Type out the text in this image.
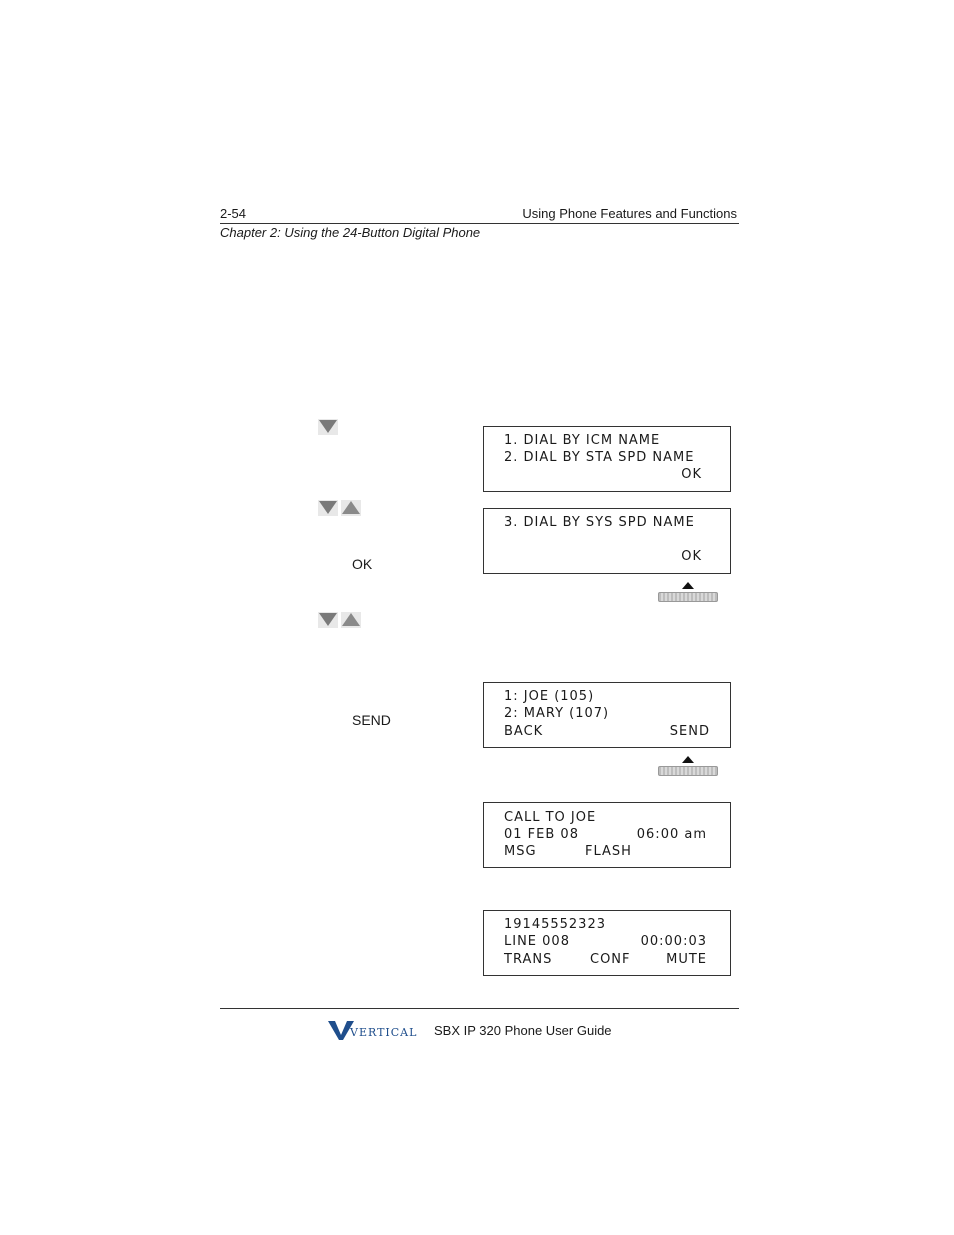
2-54	Using Phone Features and Functions
Chapter 2: Using the 24-Button Digital Phone
OK
SEND
1. DIAL BY ICM NAME
2. DIAL BY STA SPD NAME
OK
3. DIAL BY SYS SPD NAME
OK
1: JOE (105)
2: MARY (107)
BACK	SEND
CALL TO JOE
01 FEB 08	06:00 am
MSG	FLASH
19145552323
LINE 008	00:00:03
TRANS	CONF	MUTE
VERTICAL SBX IP 320 Phone User Guide
